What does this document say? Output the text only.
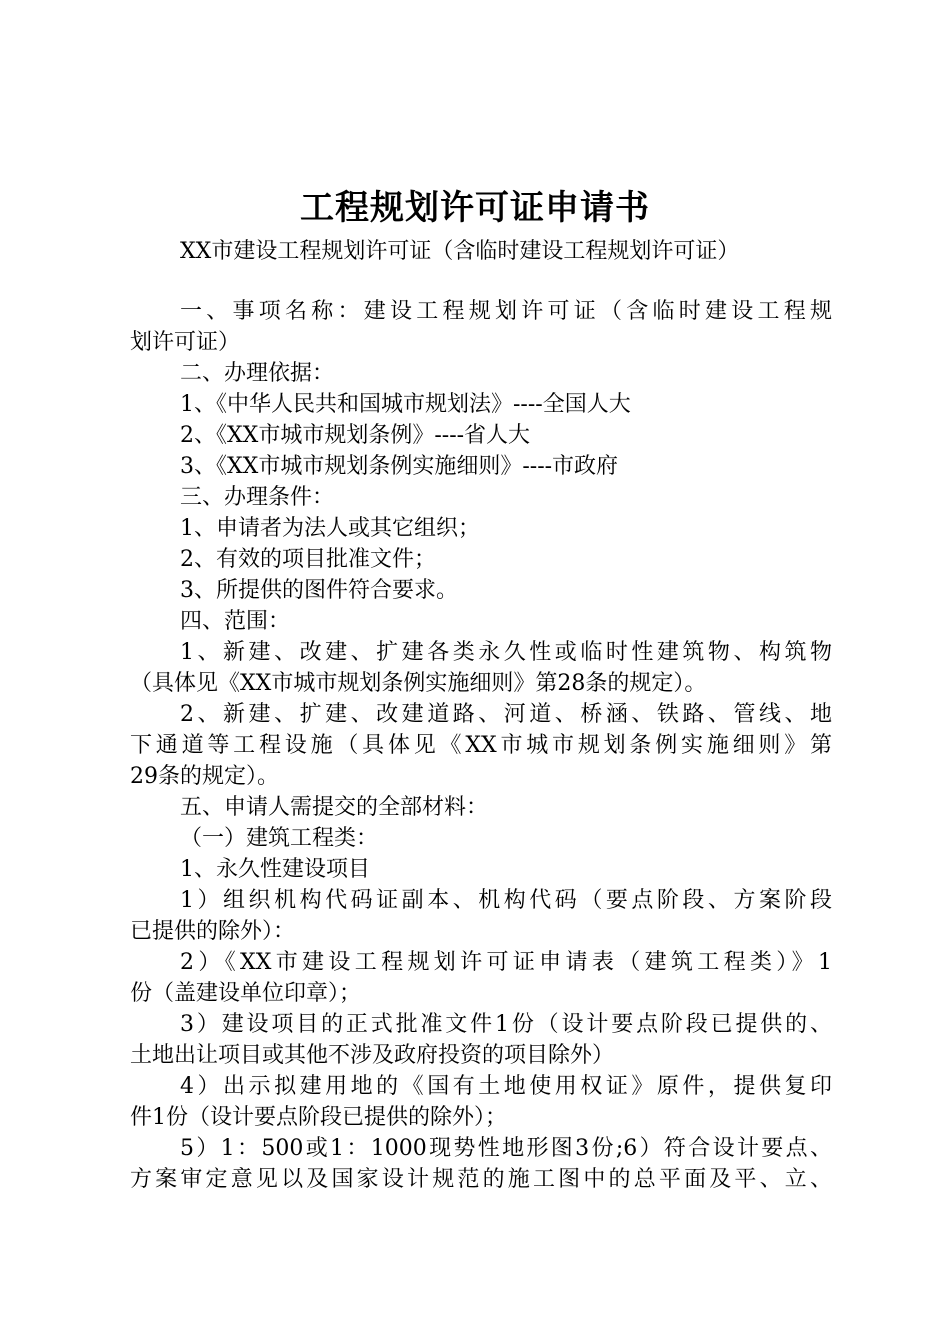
工程规划许可证申请书
XX市建设工程规划许可证（含临时建设工程规划许可证）
一、事项名称：建设工程规划许可证（含临时建设工程规
划许可证）
二、办理依据：
1、《中华人民共和国城市规划法》----全国人大
2、《XX市城市规划条例》----省人大
3、《XX市城市规划条例实施细则》----市政府
三、办理条件：
1、申请者为法人或其它组织；
2、有效的项目批准文件；
3、所提供的图件符合要求。
四、范围：
1、新建、改建、扩建各类永久性或临时性建筑物、构筑物
（具体见《XX市城市规划条例实施细则》第28条的规定）。
2、新建、扩建、改建道路、河道、桥涵、铁路、管线、地
下通道等工程设施（具体见《XX市城市规划条例实施细则》第
29条的规定）。
五、申请人需提交的全部材料：
（一）建筑工程类：
1、永久性建设项目
1）组织机构代码证副本、机构代码（要点阶段、方案阶段
已提供的除外）：
2）《XX市建设工程规划许可证申请表（建筑工程类）》1
份（盖建设单位印章）；
3）建设项目的正式批准文件1份（设计要点阶段已提供的、
土地出让项目或其他不涉及政府投资的项目除外）
4）出示拟建用地的《国有土地使用权证》原件，提供复印
件1份（设计要点阶段已提供的除外）；
5）1：500或1：1000现势性地形图3份;6）符合设计要点、
方案审定意见以及国家设计规范的施工图中的总平面及平、立、
